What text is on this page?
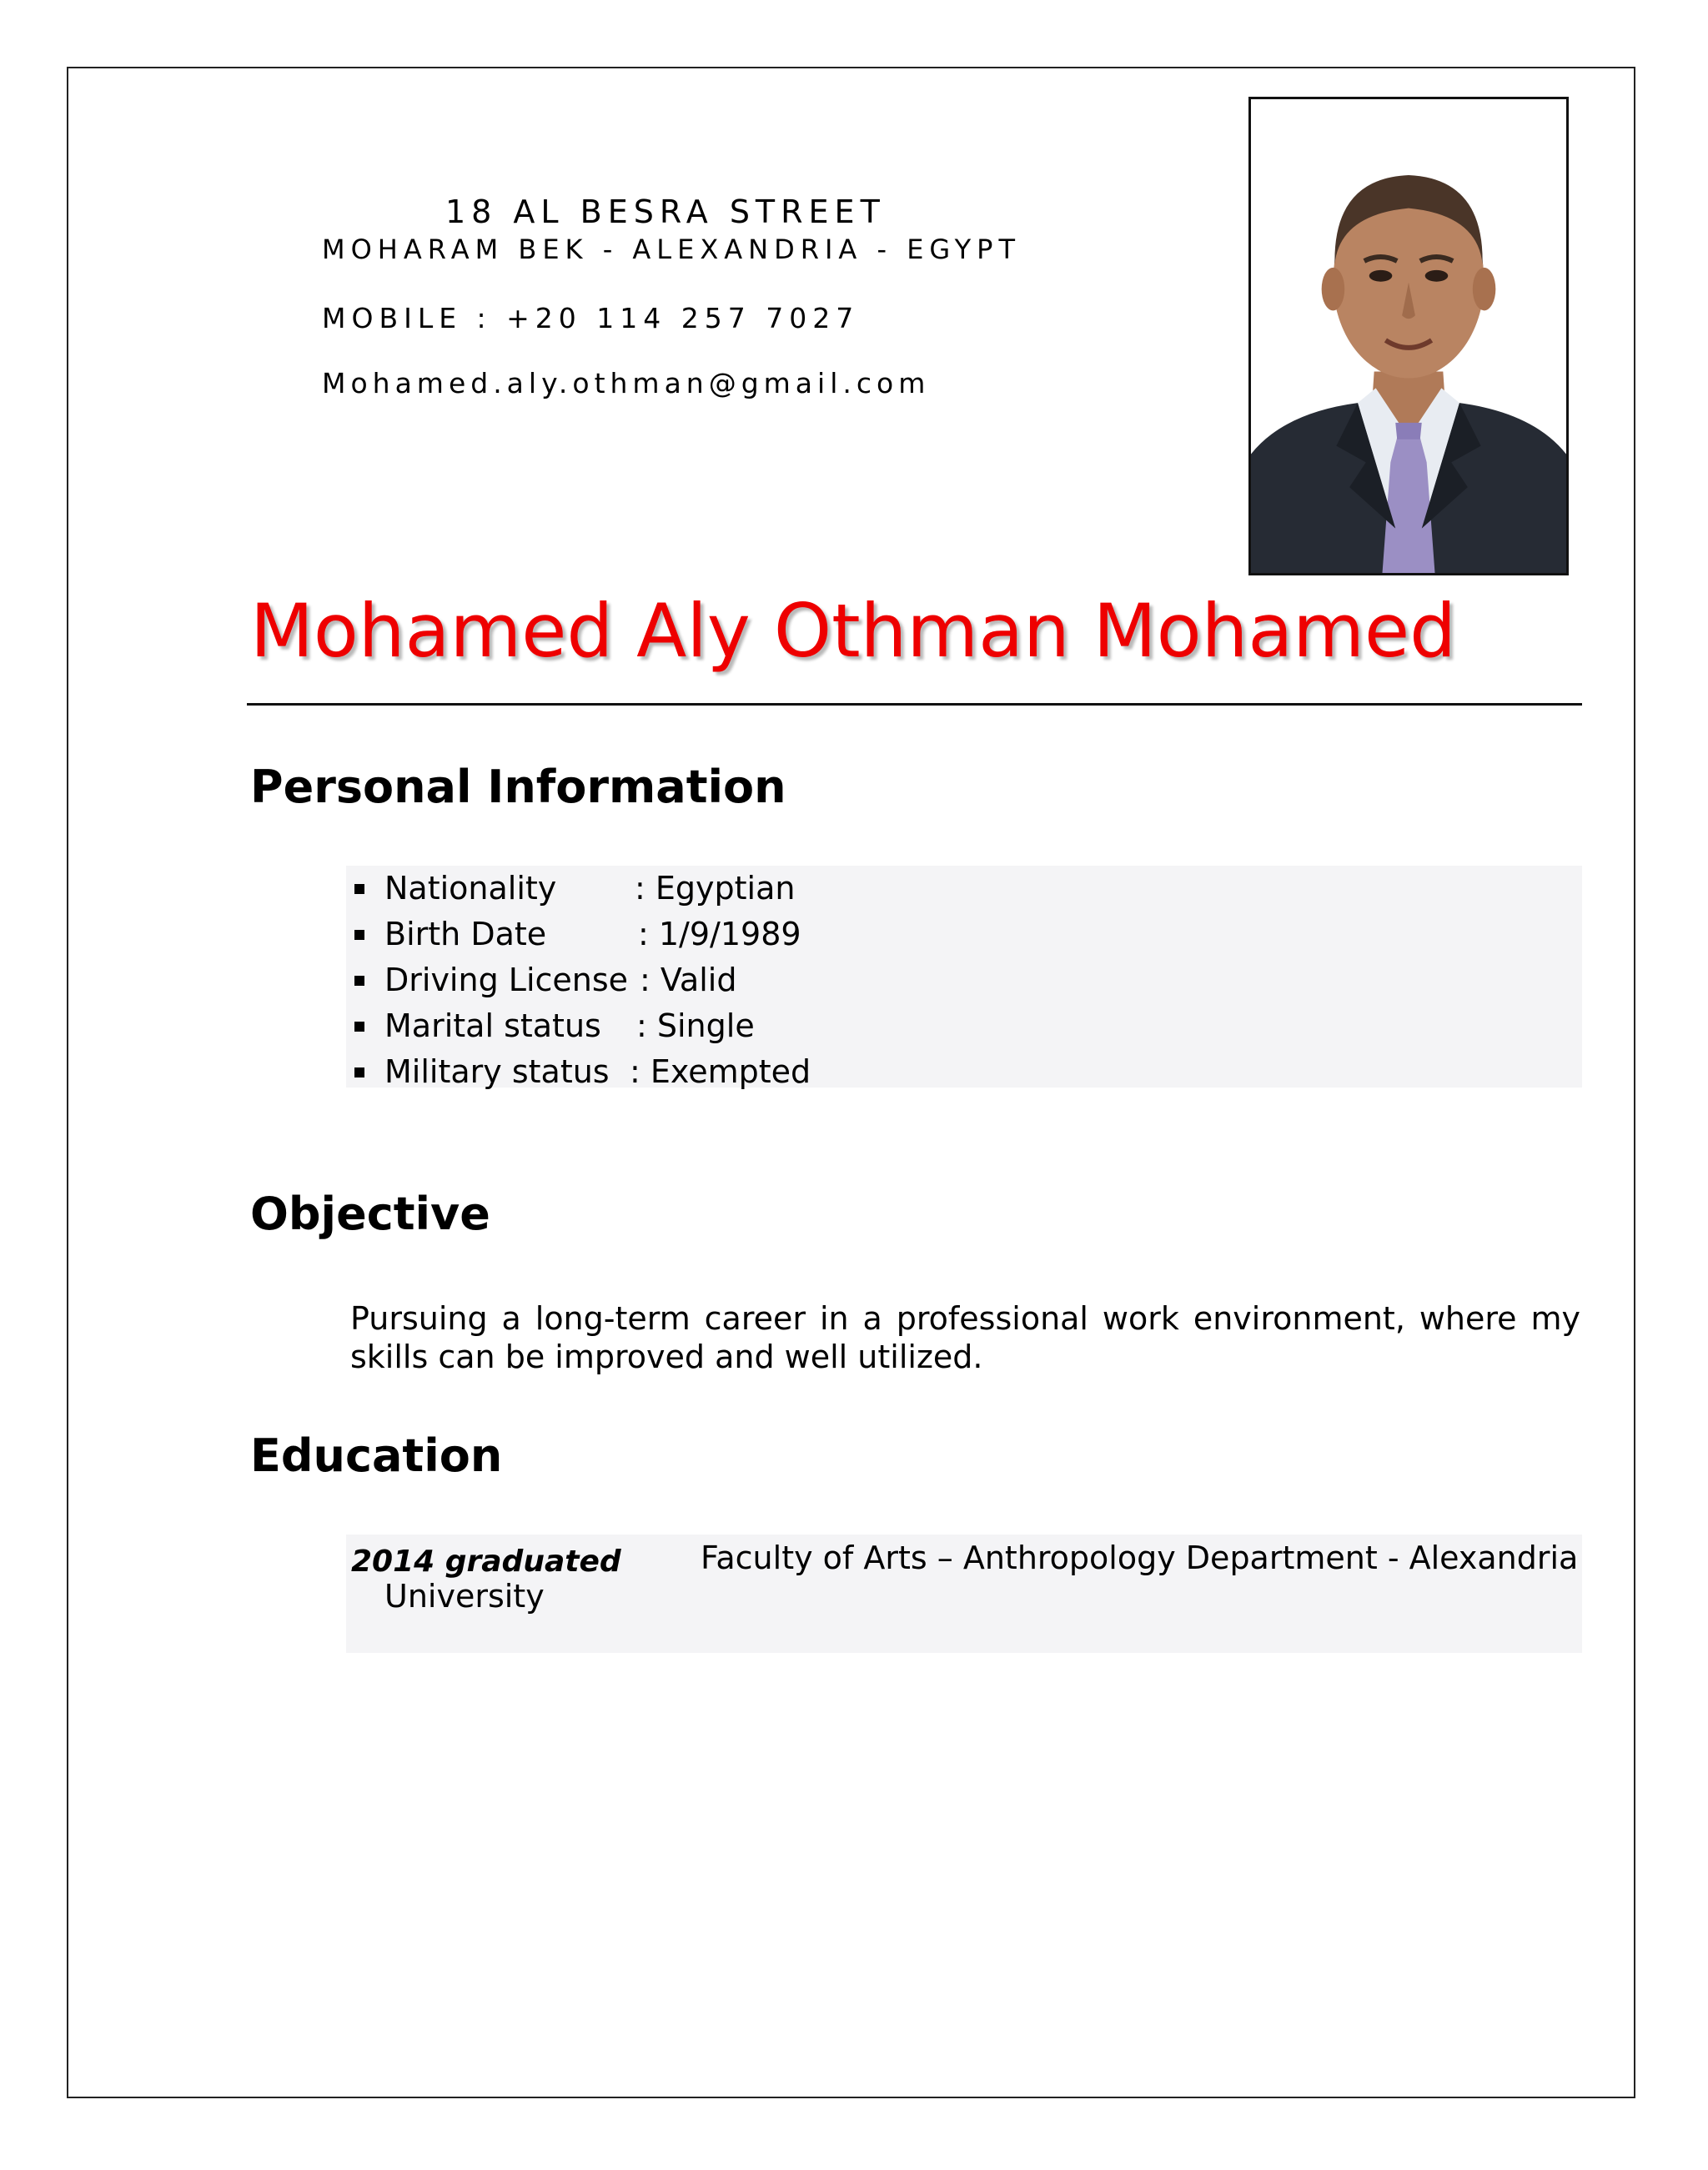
18 AL BESRA STREET
MOHARAM BEK - ALEXANDRIA - EGYPT
MOBILE : +20 114 257 7027
Mohamed.aly.othman@gmail.com
Mohamed Aly Othman Mohamed
Personal Information
Nationality : Egyptian
Birth Date	: 1/9/1989
Driving License : Valid
Marital status : Single
Military status : Exempted
Objective
Pursuing a long-term career in a professional work environment, where my skills can be improved and well utilized.
Education
2014 graduated	Faculty of Arts – Anthropology Department - Alexandria
University
